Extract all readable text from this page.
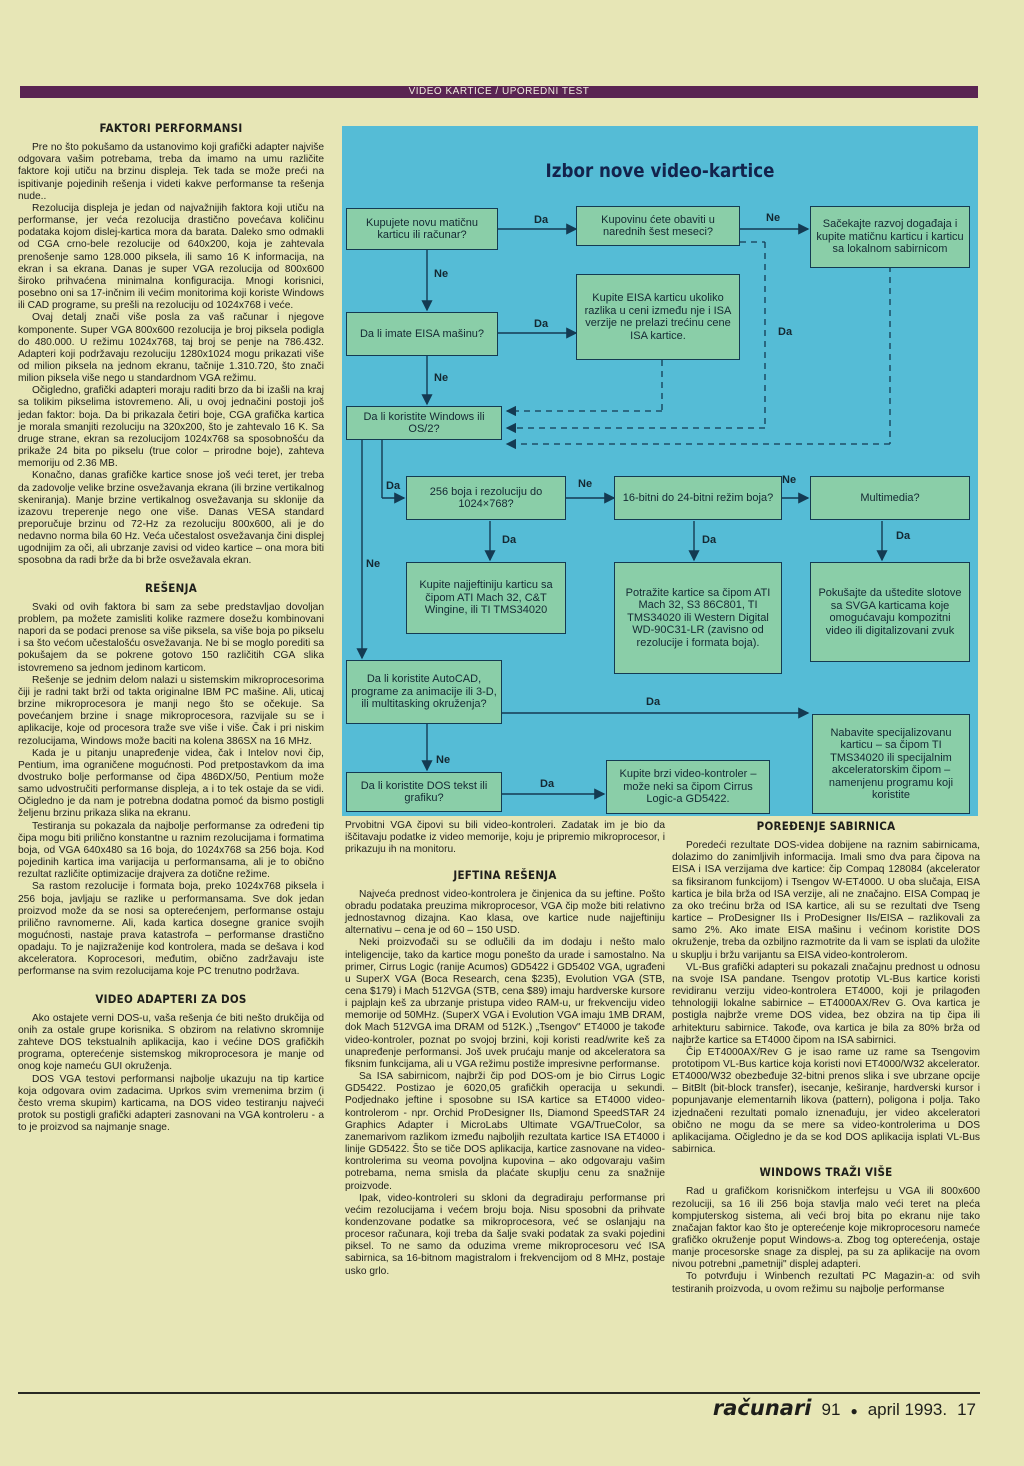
VIDEO KARTICE / UPOREDNI TEST
FAKTORI PERFORMANSI

Pre no što pokušamo da ustanovimo koji grafički adapter najviše odgovara vašim potrebama, treba da imamo na umu različite faktore koji utiču na brzinu displeja. Tek tada se može preći na ispitivanje pojedinih rešenja i videti kakve performanse ta rešenja nude..

Rezolucija displeja je jedan od najvažnijih faktora koji utiču na performanse, jer veća rezolucija drastično povećava količinu podataka kojom dislej-kartica mora da barata. Daleko smo odmakli od CGA crno-bele rezolucije od 640x200, koja je zahtevala prenošenje samo 128.000 piksela, ili samo 16 K informacija, na ekran i sa ekrana. Danas je super VGA rezolucija od 800x600 široko prihvaćena minimalna konfiguracija. Mnogi korisnici, posebno oni sa 17-inčnim ili većim monitorima koji koriste Windows ili CAD programe, su prešli na rezoluciju od 1024x768 i veće.

Ovaj detalj znači više posla za vaš računar i njegove komponente. Super VGA 800x600 rezolucija je broj piksela podigla do 480.000. U režimu 1024x768, taj broj se penje na 786.432. Adapteri koji podržavaju rezoluciju 1280x1024 mogu prikazati više od milion piksela na jednom ekranu, tačnije 1.310.720, što znači milion piksela više nego u standardnom VGA režimu.

Očigledno, grafički adapteri moraju raditi brzo da bi izašli na kraj sa tolikim pikselima istovremeno. Ali, u ovoj jednačini postoji još jedan faktor: boja. Da bi prikazala četiri boje, CGA grafička kartica je morala smanjiti rezoluciju na 320x200, što je zahtevalo 16 K. Sa druge strane, ekran sa rezolucijom 1024x768 sa sposobnošću da prikaže 24 bita po pikselu (true color – prirodne boje), zahteva memoriju od 2.36 MB.

Konačno, danas grafičke kartice snose još veći teret, jer treba da zadovolje velike brzine osvežavanja ekrana (ili brzine vertikalnog skeniranja). Manje brzine vertikalnog osvežavanja su sklonije da izazovu treperenje nego one više. Danas VESA standard preporučuje brzinu od 72-Hz za rezoluciju 800x600, ali je do nedavno norma bila 60 Hz. Veća učestalost osvežavanja čini displej ugodnijim za oči, ali ubrzanje zavisi od video kartice – ona mora biti sposobna da radi brže da bi brže osvežavala ekran.

REŠENJA

Svaki od ovih faktora bi sam za sebe predstavljao dovoljan problem, pa možete zamisliti kolike razmere dosežu kombinovani napori da se podaci prenose sa više piksela, sa više boja po pikselu i sa što većom učestalošću osvežavanja. Ne bi se moglo porediti sa pokušajem da se pokrene gotovo 150 različitih CGA slika istovremeno sa jednom jedinom karticom.

Rešenje se jednim delom nalazi u sistemskim mikroprocesorima čiji je radni takt brži od takta originalne IBM PC mašine. Ali, uticaj brzine mikroprocesora je manji nego što se očekuje. Sa povećanjem brzine i snage mikroprocesora, razvijale su se i aplikacije, koje od procesora traže sve više i više. Čak i pri niskim rezolucijama, Windows može baciti na kolena 386SX na 16 MHz.

Kada je u pitanju unapređenje videa, čak i Intelov novi čip, Pentium, ima ograničene mogućnosti. Pod pretpostavkom da ima dvostruko bolje performanse od čipa 486DX/50, Pentium može samo udvostručiti performanse displeja, a i to tek ostaje da se vidi. Očigledno je da nam je potrebna dodatna pomoć da bismo postigli željenu brzinu prikaza slika na ekranu.

Testiranja su pokazala da najbolje performanse za određeni tip čipa mogu biti prilično konstantne u raznim rezolucijama i formatima boja, od VGA 640x480 sa 16 boja, do 1024x768 sa 256 boja. Kod pojedinih kartica ima varijacija u performansama, ali je to obično rezultat različite optimizacije drajvera za dotične režime.

Sa rastom rezolucije i formata boja, preko 1024x768 piksela i 256 boja, javljaju se razlike u performansama. Sve dok jedan proizvod može da se nosi sa opterećenjem, performanse ostaju prilično ravnomerne. Ali, kada kartica dosegne granice svojih mogućnosti, nastaje prava katastrofa – performanse drastično opadaju. To je najizraženije kod kontrolera, mada se dešava i kod akceleratora. Koprocesori, međutim, obično zadržavaju iste performanse na svim rezolucijama koje PC trenutno podržava.

VIDEO ADAPTERI ZA DOS

Ako ostajete verni DOS-u, vaša rešenja će biti nešto drukčija od onih za ostale grupe korisnika. S obzirom na relativno skromnije zahteve DOS tekstualnih aplikacija, kao i većine DOS grafičkih programa, opterećenje sistemskog mikroprocesora je manje od onog koje nameću GUI okruženja.

DOS VGA testovi performansi najbolje ukazuju na tip kartice koja odgovara ovim zadacima. Uprkos svim vremenima brzim (i često vrema skupim) karticama, na DOS video testiranju najveći protok su postigli grafički adapteri zasnovani na VGA kontroleru - a to je proizvod sa najmanje snage.

Izbor nove video-kartice
Kupujete novu matičnu karticu ili računar?
Kupovinu ćete obaviti u narednih šest meseci?
Sačekajte razvoj događaja i kupite matičnu karticu i karticu sa lokalnom sabirnicom
Da li imate EISA mašinu?
Kupite EISA karticu ukoliko razlika u ceni između nje i ISA verzije ne prelazi trećinu cene ISA kartice.
Da li koristite Windows ili OS/2?
256 boja i rezoluciju do 1024×768?
16-bitni do 24-bitni režim boja?	Multimedia?
Kupite najjeftiniju karticu sa čipom ATI Mach 32, C&T Wingine, ili TI TMS34020
Potražite kartice sa čipom ATI Mach 32, S3 86C801, TI TMS34020 ili Western Digital WD-90C31-LR (zavisno od rezolucije i formata boja).
Pokušajte da uštedite slotove sa SVGA karticama koje omogućavaju kompozitni video ili digitalizovani zvuk
Da li koristite AutoCAD, programe za animacije ili 3-D, ili multitasking okruženja?
Nabavite specijalizovanu karticu – sa čipom TI TMS34020 ili specijalnim akceleratorskim čipom – namenjenu programu koji koristite
Da li koristite DOS tekst ili grafiku?
Kupite brzi video-kontroler – može neki sa čipom Cirrus Logic-a GD5422.
Da	Ne
Ne
Da
Da
Ne
Da	Ne	Ne
Da	Da	Da
Ne
Da
Ne
Da
Prvobitni VGA čipovi su bili video-kontroleri. Zadatak im je bio da iščitavaju podatke iz video memorije, koju je pripremio mikroprocesor, i prikazuju ih na monitoru.
JEFTINA REŠENJA

Najveća prednost video-kontrolera je činjenica da su jeftine. Pošto obradu podataka preuzima mikroprocesor, VGA čip može biti relativno jednostavnog dizajna. Kao klasa, ove kartice nude najjeftiniju alternativu – cena je od 60 – 150 USD.

Neki proizvođači su se odlučili da im dodaju i nešto malo inteligencije, tako da kartice mogu ponešto da urade i samostalno. Na primer, Cirrus Logic (ranije Acumos) GD5422 i GD5402 VGA, ugrađeni u SuperX VGA (Boca Research, cena $235), Evolution VGA (STB, cena $179) i Mach 512VGA (STB, cena $89) imaju hardverske kursore i pajplajn keš za ubrzanje pristupa video RAM-u, ur frekvenciju video memorije od 50MHz. (SuperX VGA i Evolution VGA imaju 1MB DRAM, dok Mach 512VGA ima DRAM od 512K.) „Tsengov" ET4000 je takođe video-kontroler, poznat po svojoj brzini, koji koristi read/write keš za unapređenje performansi. Još uvek prućaju manje od akceleratora sa fiksnim funkcijama, ali u VGA režimu postiže impresivne performanse.

Sa ISA sabirnicom, najbrži čip pod DOS-om je bio Cirrus Logic GD5422. Postizao je 6020,05 grafičkih operacija u sekundi. Podjednako jeftine i sposobne su ISA kartice sa ET4000 video-kontrolerom - npr. Orchid ProDesigner IIs, Diamond SpeedSTAR 24 Graphics Adapter i MicroLabs Ultimate VGA/TrueColor, sa zanemarivom razlikom između najboljih rezultata kartice ISA ET4000 i linije GD5422. Što se tiče DOS aplikacija, kartice zasnovane na video-kontrolerima su veoma povoljna kupovina – ako odgovaraju vašim potrebama, nema smisla da plaćate skuplju cenu za snažnije proizvode.

Ipak, video-kontroleri su skloni da degradiraju performanse pri većim rezolucijama i većem broju boja. Nisu sposobni da prihvate kondenzovane podatke sa mikroprocesora, već se oslanjaju na procesor računara, koji treba da šalje svaki podatak za svaki pojedini piksel. To ne samo da oduzima vreme mikroprocesoru već ISA sabirnica, sa 16-bitnom magistralom i frekvencijom od 8 MHz, postaje usko grlo.

POREĐENJE SABIRNICA

Poredeći rezultate DOS-videa dobijene na raznim sabirnicama, dolazimo do zanimljivih informacija. Imali smo dva para čipova na EISA i ISA verzijama dve kartice: čip Compaq 128084 (akcelerator sa fiksiranom funkcijom) i Tsengov W-ET4000. U oba slučaja, EISA kartica je bila brža od ISA verzije, ali ne značajno. EISA Compaq je za oko trećinu brža od ISA kartice, ali su se rezultati dve Tseng kartice – ProDesigner IIs i ProDesigner IIs/EISA – razlikovali za samo 2%. Ako imate EISA mašinu i većinom koristite DOS okruženje, treba da ozbiljno razmotrite da li vam se isplati da uložite u skuplju i bržu varijantu sa EISA video-kontrolerom.

VL-Bus grafički adapteri su pokazali značajnu prednost u odnosu na svoje ISA pandane. Tsengov prototip VL-Bus kartice koristi revidiranu verziju video-kontrolera ET4000, koji je prilagođen tehnologiji lokalne sabirnice – ET4000AX/Rev G. Ova kartica je postigla najbrže vreme DOS videa, bez obzira na tip čipa ili arhitekturu sabirnice. Takođe, ova kartica je bila za 80% brža od najbrže kartice sa ET4000 čipom na ISA sabirnici.

Čip ET4000AX/Rev G je isao rame uz rame sa Tsengovim prototipom VL-Bus kartice koja koristi novi ET4000/W32 akcelerator. ET4000/W32 obezbeđuje 32-bitni prenos slika i sve ubrzane opcije – BitBlt (bit-block transfer), isecanje, keširanje, hardverski kursor i popunjavanje elementarnih likova (pattern), poligona i polja. Tako izjednačeni rezultati pomalo iznenađuju, jer video akceleratori obično ne mogu da se mere sa video-kontrolerima u DOS aplikacijama. Očigledno je da se kod DOS aplikacija isplati VL-Bus sabirnica.

WINDOWS TRAŽI VIŠE

Rad u grafičkom korisničkom interfejsu u VGA ili 800x600 rezoluciji, sa 16 ili 256 boja stavlja malo veći teret na pleća kompjuterskog sistema, ali veći broj bita po ekranu nije tako značajan faktor kao što je opterećenje koje mikroprocesoru nameće grafičko okruženje poput Windows-a. Zbog tog opterećenja, ostaje manje procesorske snage za displej, pa su za aplikacije na ovom nivou potrebni „pametniji" displej adapteri.

To potvrđuju i Winbench rezultati PC Magazin-a: od svih testiranih proizvoda, u ovom režimu su najbolje performanse

računari 91 ● april 1993. 17
